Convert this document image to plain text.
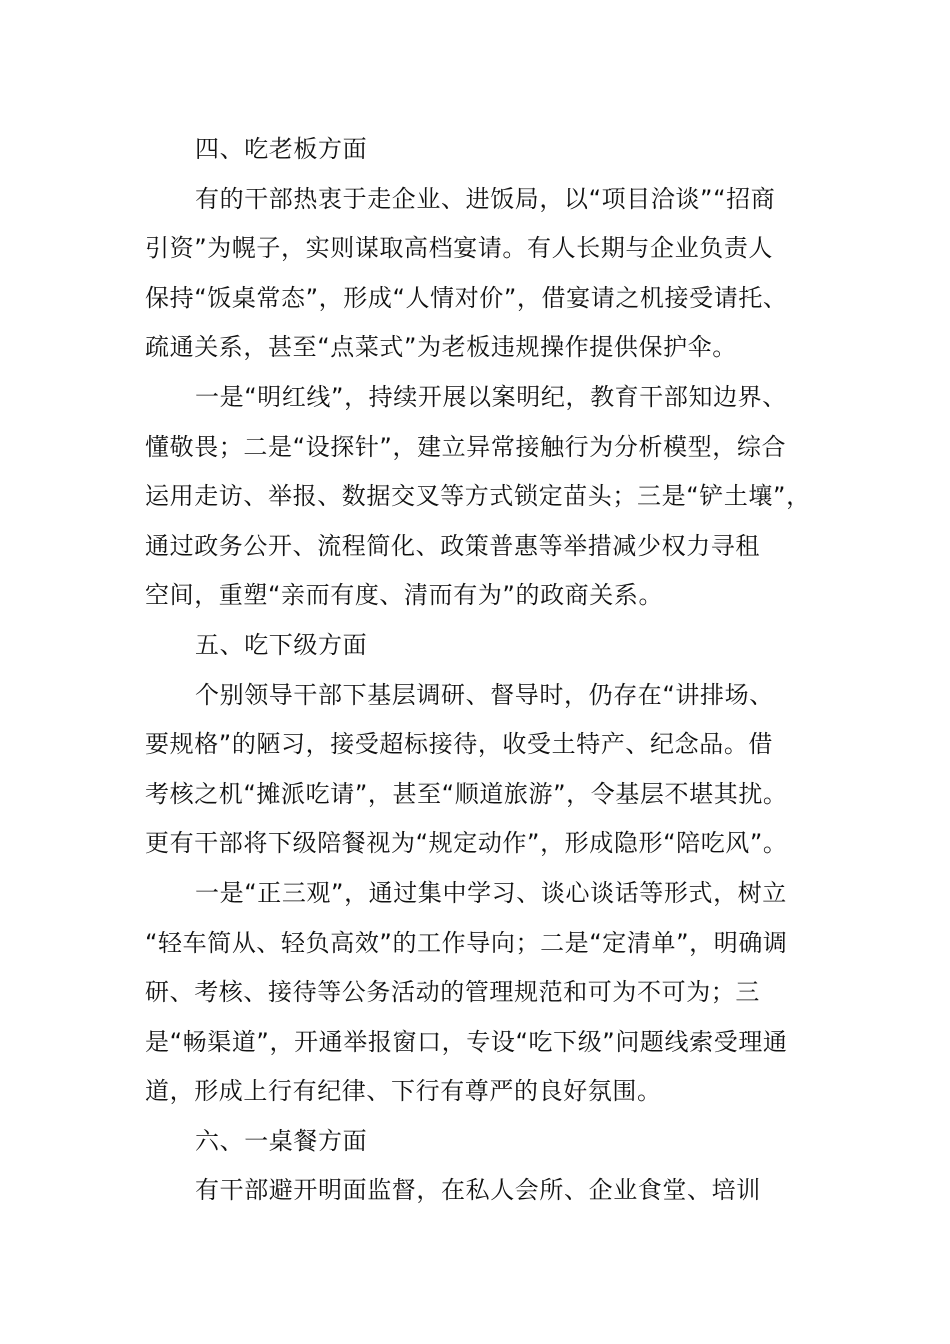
四、吃老板方面
有的干部热衷于走企业、进饭局，以“项目洽谈”“招商
引资”为幌子，实则谋取高档宴请。有人长期与企业负责人
保持“饭桌常态”，形成“人情对价”，借宴请之机接受请托、
疏通关系，甚至“点菜式”为老板违规操作提供保护伞。
一是“明红线”，持续开展以案明纪，教育干部知边界、
懂敬畏；二是“设探针”，建立异常接触行为分析模型，综合
运用走访、举报、数据交叉等方式锁定苗头；三是“铲土壤”，
通过政务公开、流程简化、政策普惠等举措减少权力寻租
空间，重塑“亲而有度、清而有为”的政商关系。
五、吃下级方面
个别领导干部下基层调研、督导时，仍存在“讲排场、
要规格”的陋习，接受超标接待，收受土特产、纪念品。借
考核之机“摊派吃请”，甚至“顺道旅游”，令基层不堪其扰。
更有干部将下级陪餐视为“规定动作”，形成隐形“陪吃风”。
一是“正三观”，通过集中学习、谈心谈话等形式，树立
“轻车简从、轻负高效”的工作导向；二是“定清单”，明确调
研、考核、接待等公务活动的管理规范和可为不可为；三
是“畅渠道”，开通举报窗口，专设“吃下级”问题线索受理通
道，形成上行有纪律、下行有尊严的良好氛围。
六、一桌餐方面
有干部避开明面监督，在私人会所、企业食堂、培训
